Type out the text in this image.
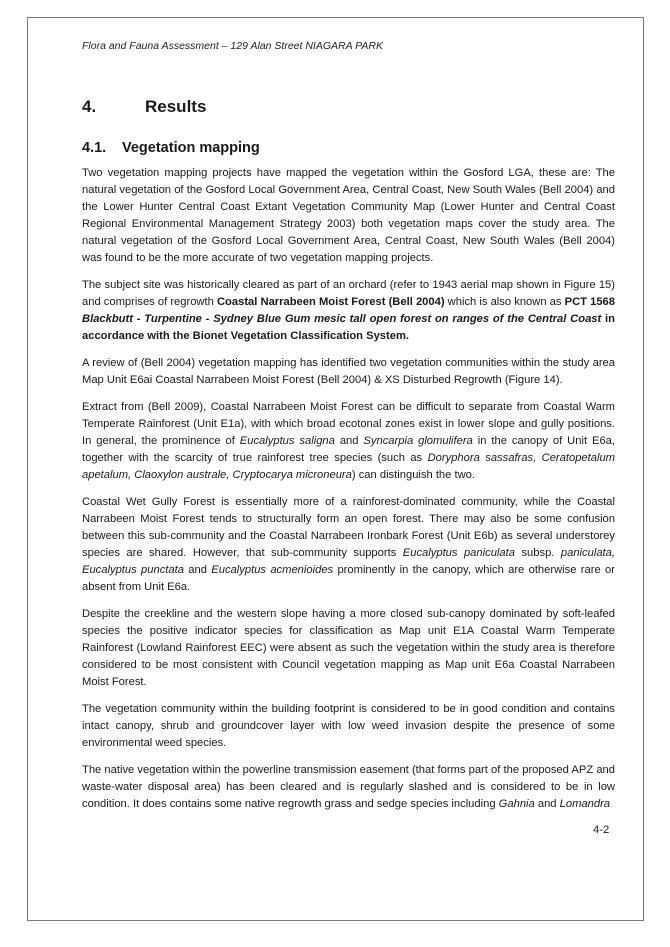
Flora and Fauna Assessment – 129 Alan Street NIAGARA PARK
4.	Results
4.1. Vegetation mapping

Two vegetation mapping projects have mapped the vegetation within the Gosford LGA, these are: The natural vegetation of the Gosford Local Government Area, Central Coast, New South Wales (Bell 2004) and the Lower Hunter Central Coast Extant Vegetation Community Map (Lower Hunter and Central Coast Regional Environmental Management Strategy 2003) both vegetation maps cover the study area. The natural vegetation of the Gosford Local Government Area, Central Coast, New South Wales (Bell 2004) was found to be the more accurate of two vegetation mapping projects.

The subject site was historically cleared as part of an orchard (refer to 1943 aerial map shown in Figure 15) and comprises of regrowth Coastal Narrabeen Moist Forest (Bell 2004) which is also known as PCT 1568 Blackbutt - Turpentine - Sydney Blue Gum mesic tall open forest on ranges of the Central Coast in accordance with the Bionet Vegetation Classification System.

A review of (Bell 2004) vegetation mapping has identified two vegetation communities within the study area Map Unit E6ai Coastal Narrabeen Moist Forest (Bell 2004) & XS Disturbed Regrowth (Figure 14).

Extract from (Bell 2009), Coastal Narrabeen Moist Forest can be difficult to separate from Coastal Warm Temperate Rainforest (Unit E1a), with which broad ecotonal zones exist in lower slope and gully positions. In general, the prominence of Eucalyptus saligna and Syncarpia glomulifera in the canopy of Unit E6a, together with the scarcity of true rainforest tree species (such as Doryphora sassafras, Ceratopetalum apetalum, Claoxylon australe, Cryptocarya microneura) can distinguish the two.

Coastal Wet Gully Forest is essentially more of a rainforest-dominated community, while the Coastal Narrabeen Moist Forest tends to structurally form an open forest. There may also be some confusion between this sub-community and the Coastal Narrabeen Ironbark Forest (Unit E6b) as several understorey species are shared. However, that sub-community supports Eucalyptus paniculata subsp. paniculata, Eucalyptus punctata and Eucalyptus acmenioides prominently in the canopy, which are otherwise rare or absent from Unit E6a.

Despite the creekline and the western slope having a more closed sub-canopy dominated by soft-leafed species the positive indicator species for classification as Map unit E1A Coastal Warm Temperate Rainforest (Lowland Rainforest EEC) were absent as such the vegetation within the study area is therefore considered to be most consistent with Council vegetation mapping as Map unit E6a Coastal Narrabeen Moist Forest.

The vegetation community within the building footprint is considered to be in good condition and contains intact canopy, shrub and groundcover layer with low weed invasion despite the presence of some environmental weed species.

The native vegetation within the powerline transmission easement (that forms part of the proposed APZ and waste-water disposal area) has been cleared and is regularly slashed and is considered to be in low condition. It does contains some native regrowth grass and sedge species including Gahnia and Lomandra

4-2
